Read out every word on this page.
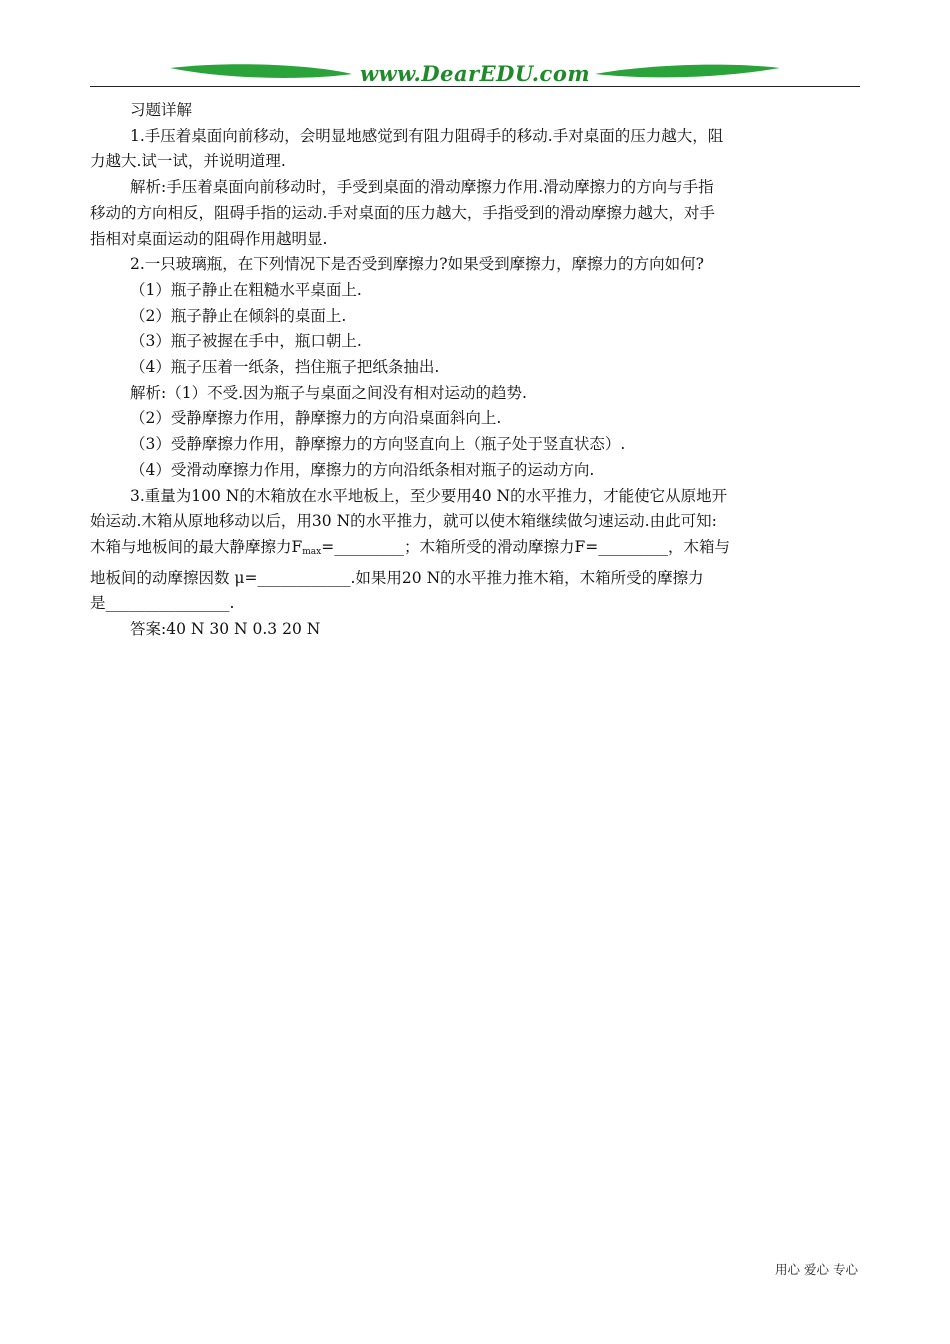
www.DearEDU.com

习题详解

1.手压着桌面向前移动，会明显地感觉到有阻力阻碍手的移动.手对桌面的压力越大，阻

力越大.试一试，并说明道理.

解析:手压着桌面向前移动时，手受到桌面的滑动摩擦力作用.滑动摩擦力的方向与手指

移动的方向相反，阻碍手指的运动.手对桌面的压力越大，手指受到的滑动摩擦力越大，对手

指相对桌面运动的阻碍作用越明显.

2.一只玻璃瓶，在下列情况下是否受到摩擦力?如果受到摩擦力，摩擦力的方向如何?

（1）瓶子静止在粗糙水平桌面上.

（2）瓶子静止在倾斜的桌面上.

（3）瓶子被握在手中，瓶口朝上.

（4）瓶子压着一纸条，挡住瓶子把纸条抽出.

解析:（1）不受.因为瓶子与桌面之间没有相对运动的趋势.

（2）受静摩擦力作用，静摩擦力的方向沿桌面斜向上.

（3）受静摩擦力作用，静摩擦力的方向竖直向上（瓶子处于竖直状态）.

（4）受滑动摩擦力作用，摩擦力的方向沿纸条相对瓶子的运动方向.

3.重量为100 N的木箱放在水平地板上，至少要用40 N的水平推力，才能使它从原地开

始运动.木箱从原地移动以后，用30 N的水平推力，就可以使木箱继续做匀速运动.由此可知:

木箱与地板间的最大静摩擦力$F_{max}=\_\_\_\_\_\_\_\_\_$；木箱所受的滑动摩擦力F=_________，木箱与

地板间的动摩擦因数 μ=____________.如果用20 N的水平推力推木箱，木箱所受的摩擦力

是________________.

答案:40 N 30 N 0.3 20 N

用心 爱心 专心
